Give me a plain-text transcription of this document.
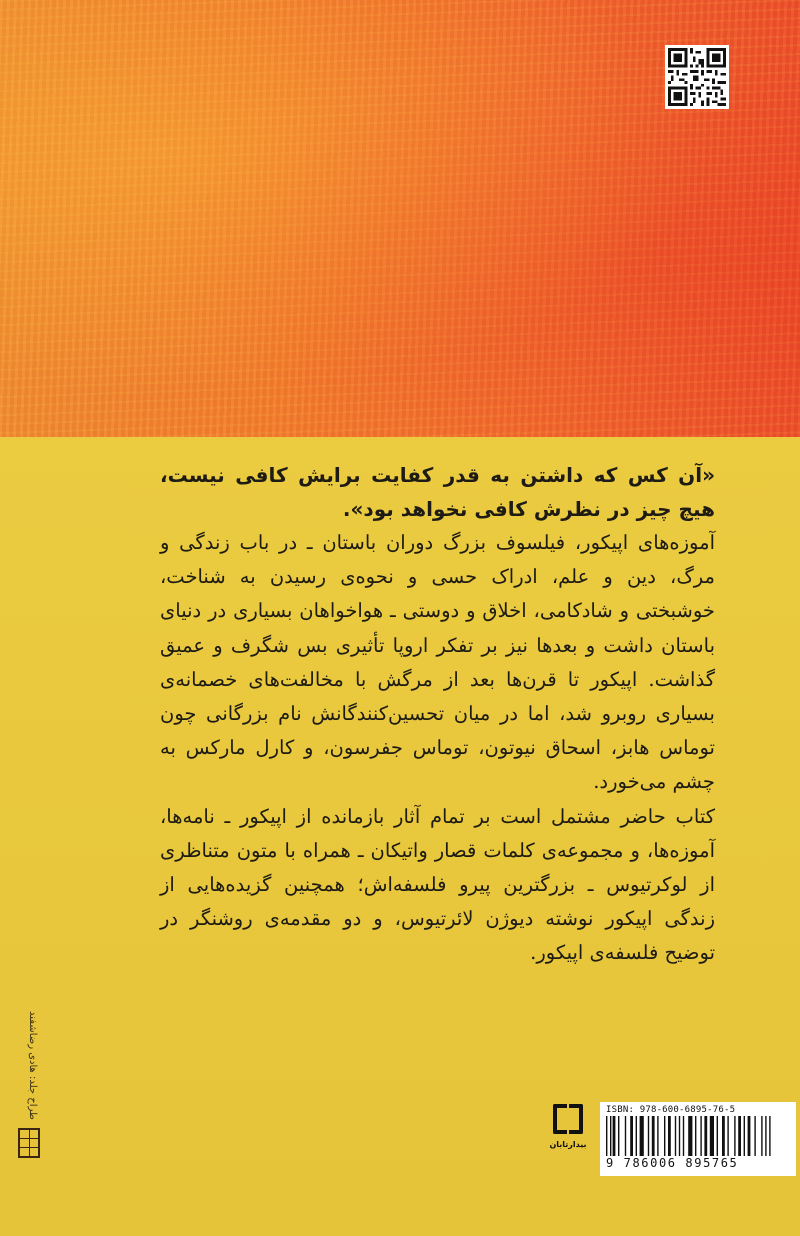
«آن کس که داشتن به قدر کفایت برایش کافی نیست، هیچ چیز در نظرش کافی نخواهد بود».

آموزه‌های اپیکور، فیلسوف بزرگ دوران باستان ـ در باب زندگی و مرگ، دین و علم، ادراک حسی و نحوه‌ی رسیدن به شناخت، خوشبختی و شادکامی، اخلاق و دوستی ـ هواخواهان بسیاری در دنیای باستان داشت و بعدها نیز بر تفکر اروپا تأثیری بس شگرف و عمیق گذاشت. اپیکور تا قرن‌ها بعد از مرگش با مخالفت‌های خصمانه‌ی بسیاری روبرو شد، اما در میان تحسین‌کنندگانش نام بزرگانی چون توماس هابز، اسحاق نیوتون، توماس جفرسون، و کارل مارکس به چشم می‌خورد.

کتاب حاضر مشتمل است بر تمام آثار بازمانده از اپیکور ـ نامه‌ها، آموزه‌ها، و مجموعه‌ی کلمات قصار واتیکان ـ همراه با متون متناظری از لوکرتیوس ـ بزرگترین پیرو فلسفه‌اش؛ همچنین گزیده‌هایی از زندگی اپیکور نوشته دیوژن لائرتیوس، و دو مقدمه‌ی روشنگر در توضیح فلسفه‌ی اپیکور.

طراح جلد: هادی رضاشفند
بیدارتابان
ISBN: 978-600-6895-76-5
9 786006 895765
